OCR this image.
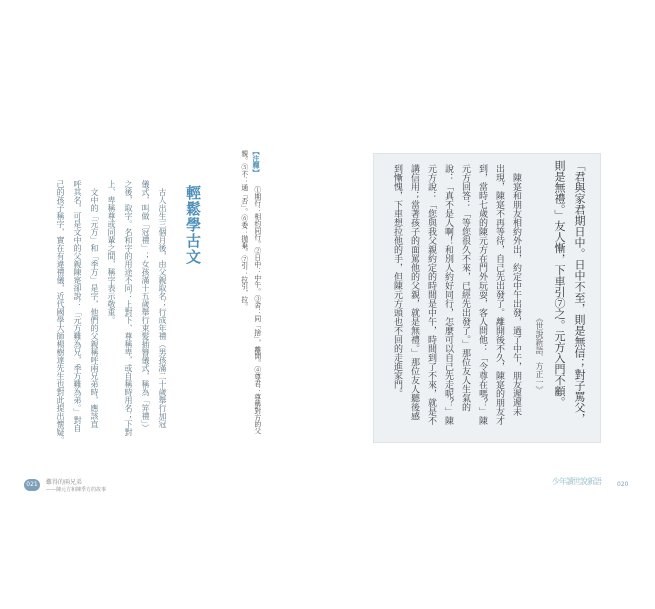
「君與家君期日中。日中不至，則是無信；對子罵父，
則是無禮。」友人慚，下車引⑦之。元方入門不顧。
《世說新語．方正一》
　陳寔和朋友相約外出，約定中午出發，過了中午，朋友遲遲未
出現，陳寔不再等待，自己先出發了。離開後不久，陳寔的朋友才
到，當時七歲的陳元方在門外玩耍，客人問他：「令尊在嗎？」陳
元方回答：「等您很久不來，已經先出發了。」那位友人生氣的
說：「真不是人啊！和別人約好同行，怎麼可以自己先走呢？」陳
元方說：「您與我父親約定的時間是中午，時間到了不來，就是不
講信用；當著孩子的面罵他的父親，就是無禮。」那位友人聽後感
到慚愧，下車想拉他的手，但陳元方頭也不回的走進家門。
【注釋】
①期行：相約同行。②日中：中午。③舍：同「捨」，離開。④尊君：尊稱對方的父
親。⑤不：通「否」。⑥委：拋棄。⑦引：拉引，拉。
輕鬆學古文
　古人出生三個月後，由父親取名；行成年禮（男孩滿二十歲舉行加冠
儀式，叫做「冠禮」；女孩滿十五歲舉行束髮插簪儀式，稱為「笄禮」）
之後，取字。名和字的用途不同：上對下、尊稱卑，或自稱時用名；下對
上、卑稱尊或同輩之間，稱字表示敬重。
　文中的「元方」和「季方」是字，他們的父親稱呼兩兄弟時，應該直
呼其名，可是文中的父親陳寔卻說：「元方難為兄，季方難為弟。」對自
己的孩子稱字，實在有違禮儀，近代國學大師楊樹達先生也對此提出懷疑。
021	難得的兩兄弟
——陳元方和陳季方的故事
少年讀世說新語	020
